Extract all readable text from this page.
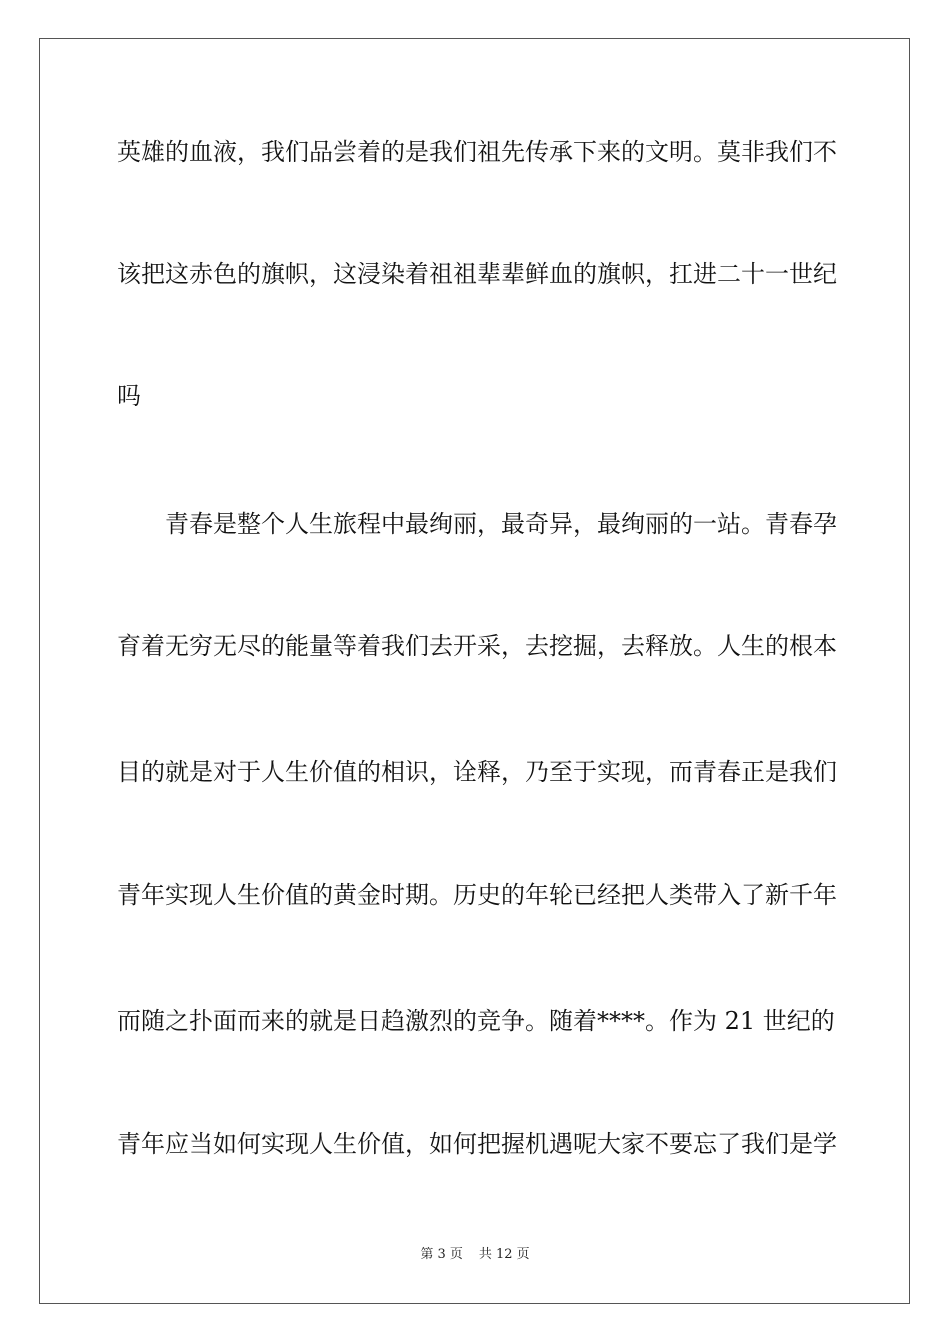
英雄的血液，我们品尝着的是我们祖先传承下来的文明。莫非我们不
该把这赤色的旗帜，这浸染着祖祖辈辈鲜血的旗帜，扛进二十一世纪
吗
青春是整个人生旅程中最绚丽，最奇异，最绚丽的一站。青春孕
育着无穷无尽的能量等着我们去开采，去挖掘，去释放。人生的根本
目的就是对于人生价值的相识，诠释，乃至于实现，而青春正是我们
青年实现人生价值的黄金时期。历史的年轮已经把人类带入了新千年
而随之扑面而来的就是日趋激烈的竞争。随着****。作为 21 世纪的
青年应当如何实现人生价值，如何把握机遇呢大家不要忘了我们是学
第 3 页 共 12 页
